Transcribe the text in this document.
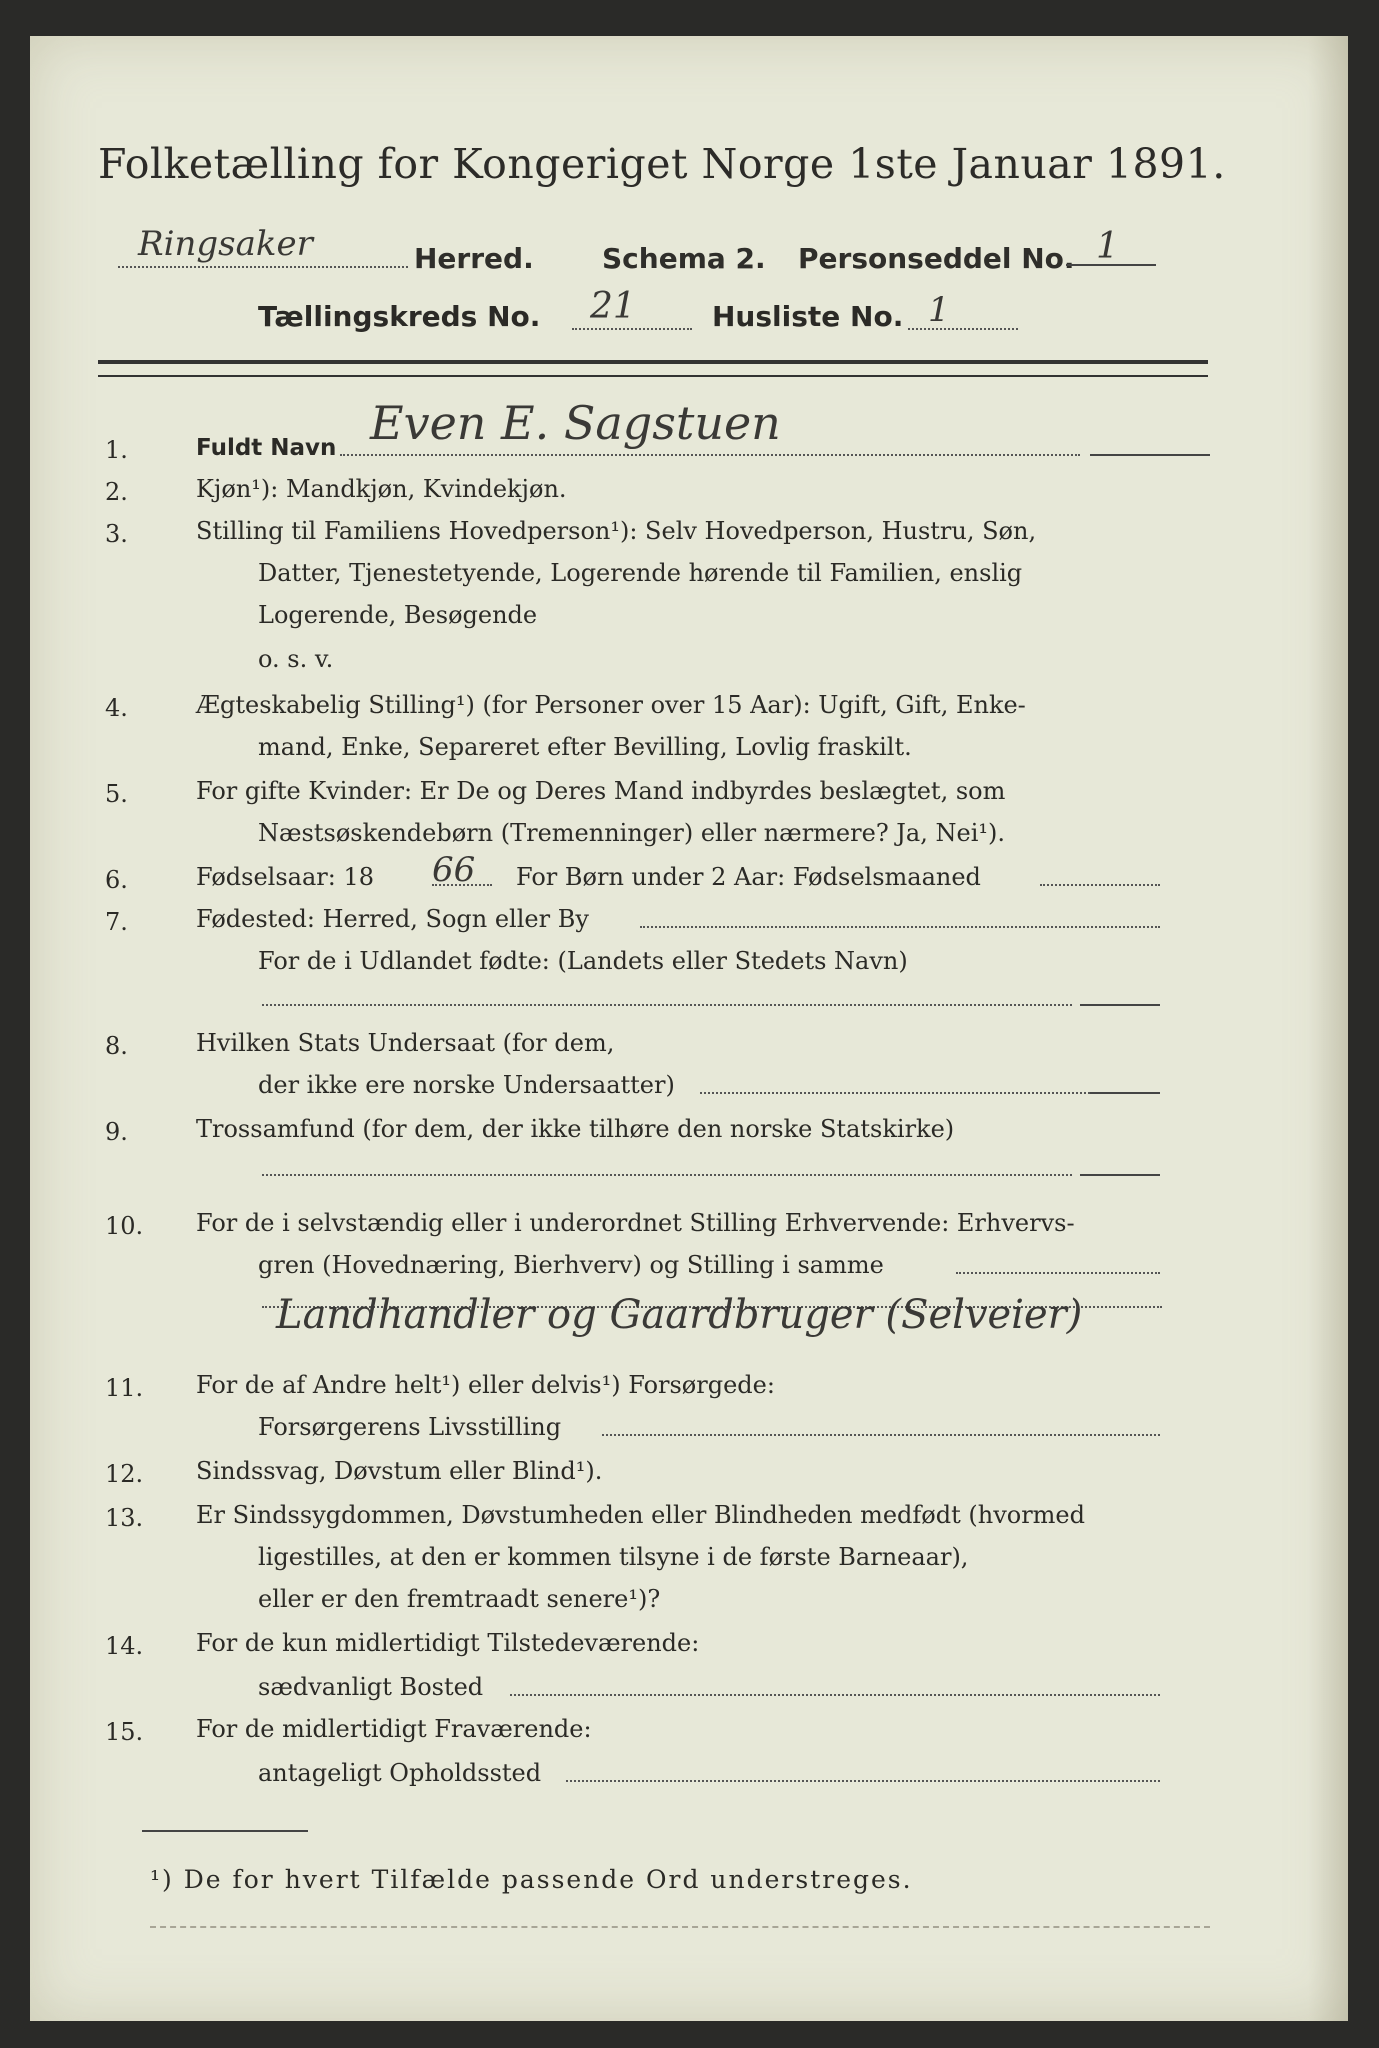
Folketælling for Kongeriget Norge 1ste Januar 1891.
Ringsaker	Herred. Schema 2. Personseddel No. 1
Tællingskreds No. 21	Husliste No. 1
1.	Fuldt Navn Even E. Sagstuen
2.	Kjøn¹): Mandkjøn, Kvindekjøn.
3.	Stilling til Familiens Hovedperson¹): Selv Hovedperson, Hustru, Søn,
Datter, Tjenestetyende, Logerende hørende til Familien, enslig
Logerende, Besøgende
o. s. v.
4.	Ægteskabelig Stilling¹) (for Personer over 15 Aar): Ugift, Gift, Enke-
mand, Enke, Separeret efter Bevilling, Lovlig fraskilt.
5.	For gifte Kvinder: Er De og Deres Mand indbyrdes beslægtet, som
Næstsøskendebørn (Tremenninger) eller nærmere? Ja, Nei¹).
6.	Fødselsaar: 18 66 For Børn under 2 Aar: Fødselsmaaned
7.	Fødested: Herred, Sogn eller By
For de i Udlandet fødte: (Landets eller Stedets Navn)
8.	Hvilken Stats Undersaat (for dem,
der ikke ere norske Undersaatter)
9.	Trossamfund (for dem, der ikke tilhøre den norske Statskirke)
10.	For de i selvstændig eller i underordnet Stilling Erhvervende: Erhvervs-
gren (Hovednæring, Bierhverv) og Stilling i samme
Landhandler og Gaardbruger (Selveier)
11.	For de af Andre helt¹) eller delvis¹) Forsørgede:
Forsørgerens Livsstilling
12.	Sindssvag, Døvstum eller Blind¹).
13.	Er Sindssygdommen, Døvstumheden eller Blindheden medfødt (hvormed
ligestilles, at den er kommen tilsyne i de første Barneaar),
eller er den fremtraadt senere¹)?
14.	For de kun midlertidigt Tilstedeværende:
sædvanligt Bosted
15.	For de midlertidigt Fraværende:
antageligt Opholdssted
¹) De for hvert Tilfælde passende Ord understreges.
